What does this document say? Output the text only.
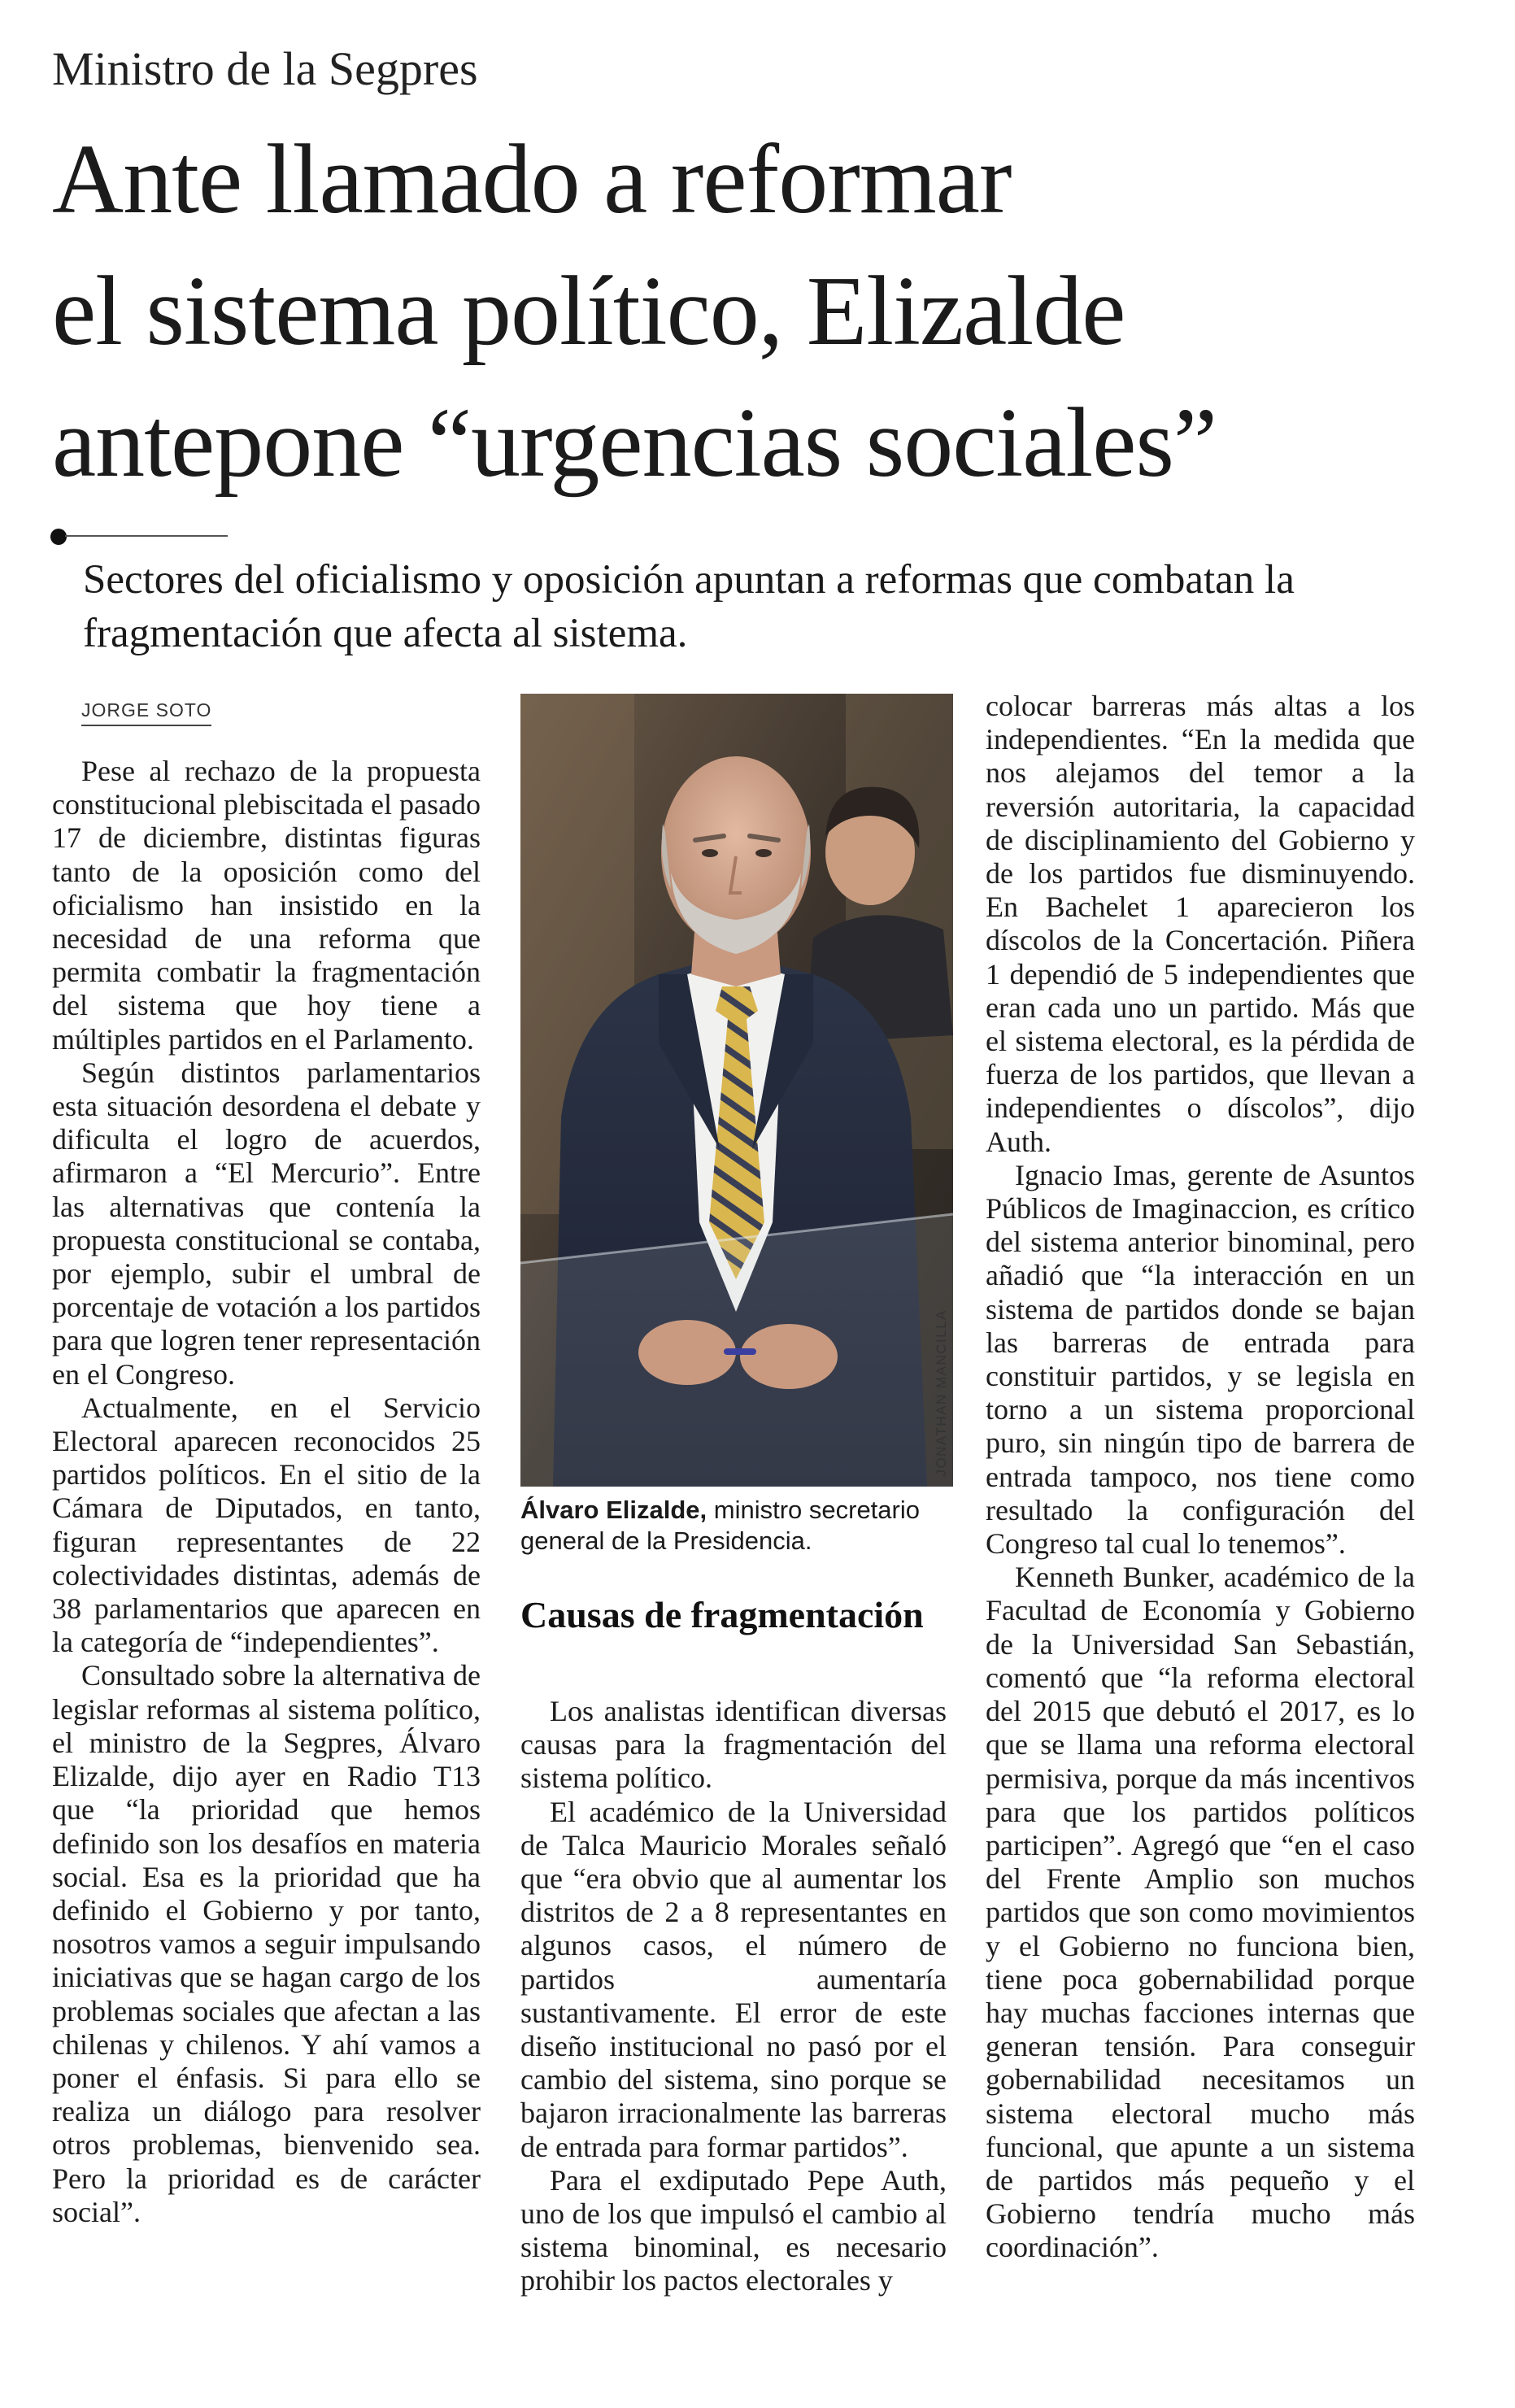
Ministro de la Segpres
Ante llamado a reformar
el sistema político, Elizalde
antepone “urgencias sociales”
Sectores del oficialismo y oposición apuntan a reformas que combatan la fragmentación que afecta al sistema.
JORGE SOTO

Pese al rechazo de la propuesta constitucional plebiscitada el pasado 17 de diciembre, distintas figuras tanto de la oposición como del oficialismo han insistido en la necesidad de una reforma que permita combatir la fragmentación del sistema que hoy tiene a múltiples partidos en el Parlamento.

Según distintos parlamentarios esta situación desordena el debate y dificulta el logro de acuerdos, afirmaron a “El Mercurio”. Entre las alternativas que contenía la propuesta constitucional se contaba, por ejemplo, subir el umbral de porcentaje de votación a los partidos para que logren tener representación en el Congreso.

Actualmente, en el Servicio Electoral aparecen reconocidos 25 partidos políticos. En el sitio de la Cámara de Diputados, en tanto, figuran representantes de 22 colectividades distintas, además de 38 parlamentarios que aparecen en la categoría de “independientes”.

Consultado sobre la alternativa de legislar reformas al sistema político, el ministro de la Segpres, Álvaro Elizalde, dijo ayer en Radio T13 que “la prioridad que hemos definido son los desafíos en materia social. Esa es la prioridad que ha definido el Gobierno y por tanto, nosotros vamos a seguir impulsando iniciativas que se hagan cargo de los problemas sociales que afectan a las chilenas y chilenos. Y ahí vamos a poner el énfasis. Si para ello se realiza un diálogo para resolver otros problemas, bienvenido sea. Pero la prioridad es de carácter social”.

JONATHAN MANCILLA
Álvaro Elizalde, ministro secretario general de la Presidencia.
Causas de fragmentación

Los analistas identifican diversas causas para la fragmentación del sistema político.

El académico de la Universidad de Talca Mauricio Morales señaló que “era obvio que al aumentar los distritos de 2 a 8 representantes en algunos casos, el número de partidos aumentaría sustantivamente. El error de este diseño institucional no pasó por el cambio del sistema, sino porque se bajaron irracionalmente las barreras de entrada para formar partidos”.

Para el exdiputado Pepe Auth, uno de los que impulsó el cambio al sistema binominal, es necesario prohibir los pactos electorales y

colocar barreras más altas a los independientes. “En la medida que nos alejamos del temor a la reversión autoritaria, la capacidad de disciplinamiento del Gobierno y de los partidos fue disminuyendo. En Bachelet 1 aparecieron los díscolos de la Concertación. Piñera 1 dependió de 5 independientes que eran cada uno un partido. Más que el sistema electoral, es la pérdida de fuerza de los partidos, que llevan a independientes o díscolos”, dijo Auth.

Ignacio Imas, gerente de Asuntos Públicos de Imaginaccion, es crítico del sistema anterior binominal, pero añadió que “la interacción en un sistema de partidos donde se bajan las barreras de entrada para constituir partidos, y se legisla en torno a un sistema proporcional puro, sin ningún tipo de barrera de entrada tampoco, nos tiene como resultado la configuración del Congreso tal cual lo tenemos”.

Kenneth Bunker, académico de la Facultad de Economía y Gobierno de la Universidad San Sebastián, comentó que “la reforma electoral del 2015 que debutó el 2017, es lo que se llama una reforma electoral permisiva, porque da más incentivos para que los partidos políticos participen”. Agregó que “en el caso del Frente Amplio son muchos partidos que son como movimientos y el Gobierno no funciona bien, tiene poca gobernabilidad porque hay muchas facciones internas que generan tensión. Para conseguir gobernabilidad necesitamos un sistema electoral mucho más funcional, que apunte a un sistema de partidos más pequeño y el Gobierno tendría mucho más coordinación”.
